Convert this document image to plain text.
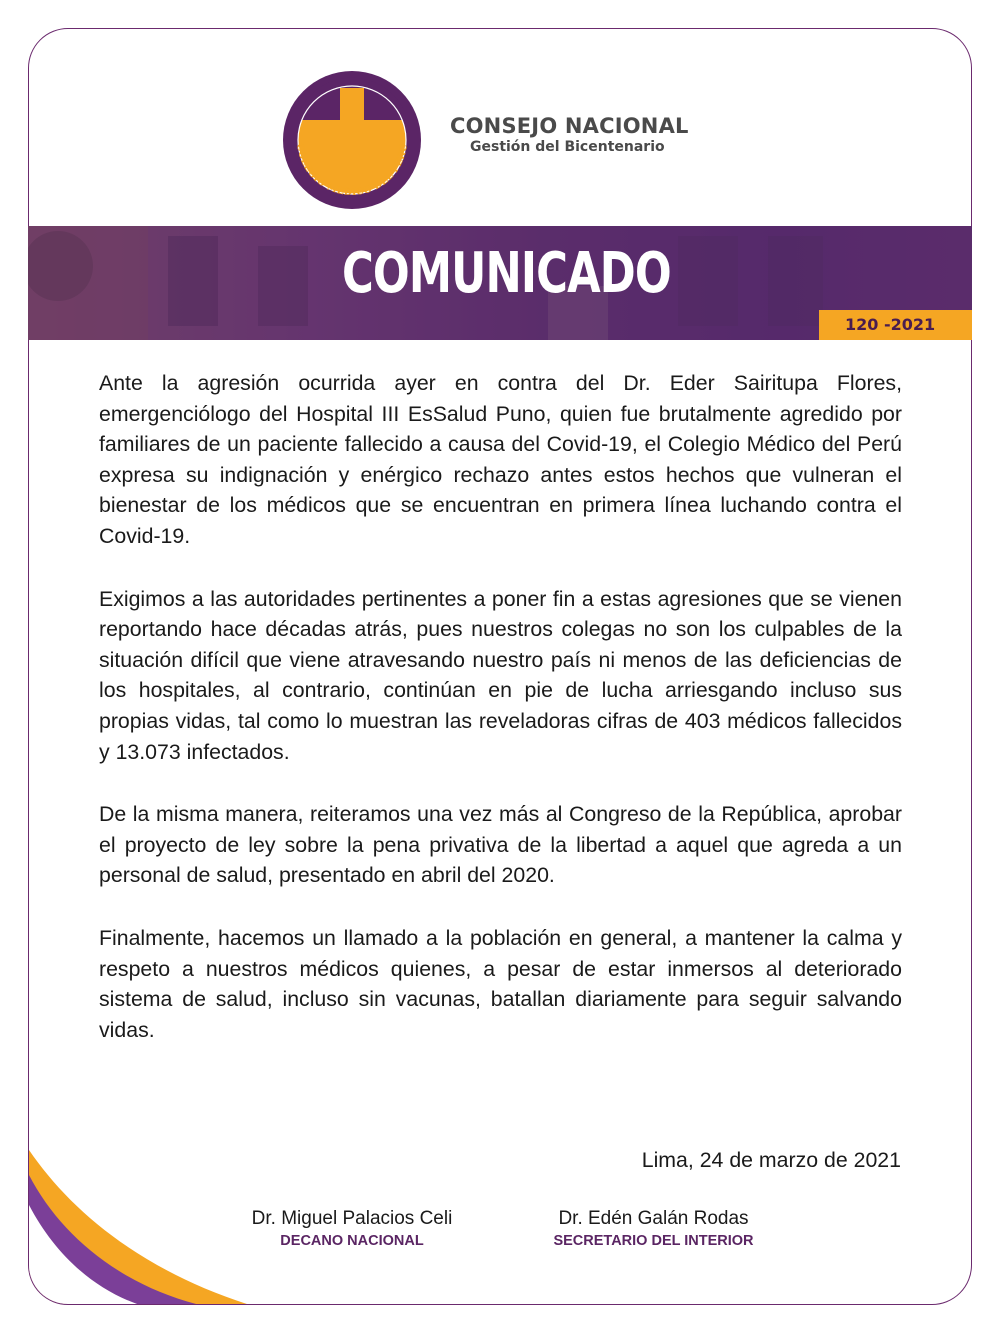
COLEGIO MEDICO DEL PERU
CONSEJO NACIONAL
Gestión del Bicentenario
COMUNICADO
120 -2021

Ante la agresión ocurrida ayer en contra del Dr. Eder Sairitupa Flores, emergenciólogo del Hospital III EsSalud Puno, quien fue brutalmente agredido por familiares de un paciente fallecido a causa del Covid-19, el Colegio Médico del Perú expresa su indignación y enérgico rechazo antes estos hechos que vulneran el bienestar de los médicos que se encuentran en primera línea luchando contra el Covid-19.

Exigimos a las autoridades pertinentes a poner fin a estas agresiones que se vienen reportando hace décadas atrás, pues nuestros colegas no son los culpables de la situación difícil que viene atravesando nuestro país ni menos de las deficiencias de los hospitales, al contrario, continúan en pie de lucha arriesgando incluso sus propias vidas, tal como lo muestran las reveladoras cifras de 403 médicos fallecidos y 13.073 infectados.

De la misma manera, reiteramos una vez más al Congreso de la República, aprobar el proyecto de ley sobre la pena privativa de la libertad a aquel que agreda a un personal de salud, presentado en abril del 2020.

Finalmente, hacemos un llamado a la población en general, a mantener la calma y respeto a nuestros médicos quienes, a pesar de estar inmersos al deteriorado sistema de salud, incluso sin vacunas, batallan diariamente para seguir salvando vidas.

Lima, 24 de marzo de 2021
Dr. Miguel Palacios Celi
DECANO NACIONAL
Dr. Edén Galán Rodas
SECRETARIO DEL INTERIOR
